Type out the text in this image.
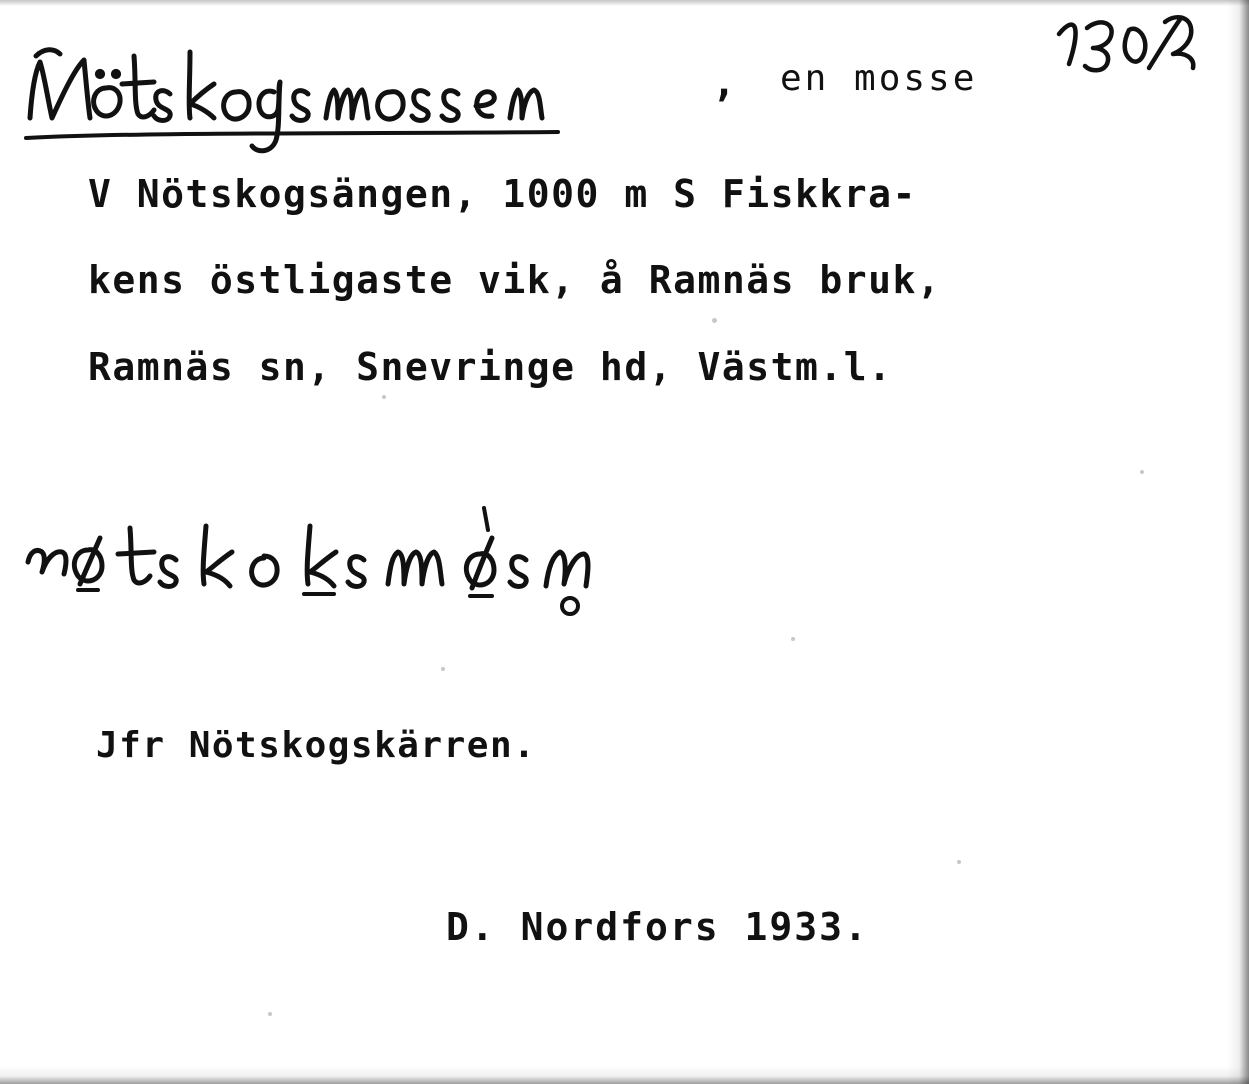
, en mosse
V Nötskogsängen, 1000 m S Fiskkra-
kens östligaste vik, å Ramnäs bruk,
Ramnäs sn, Snevringe hd, Västm.l.
Jfr Nötskogskärren.
D. Nordfors 1933.
